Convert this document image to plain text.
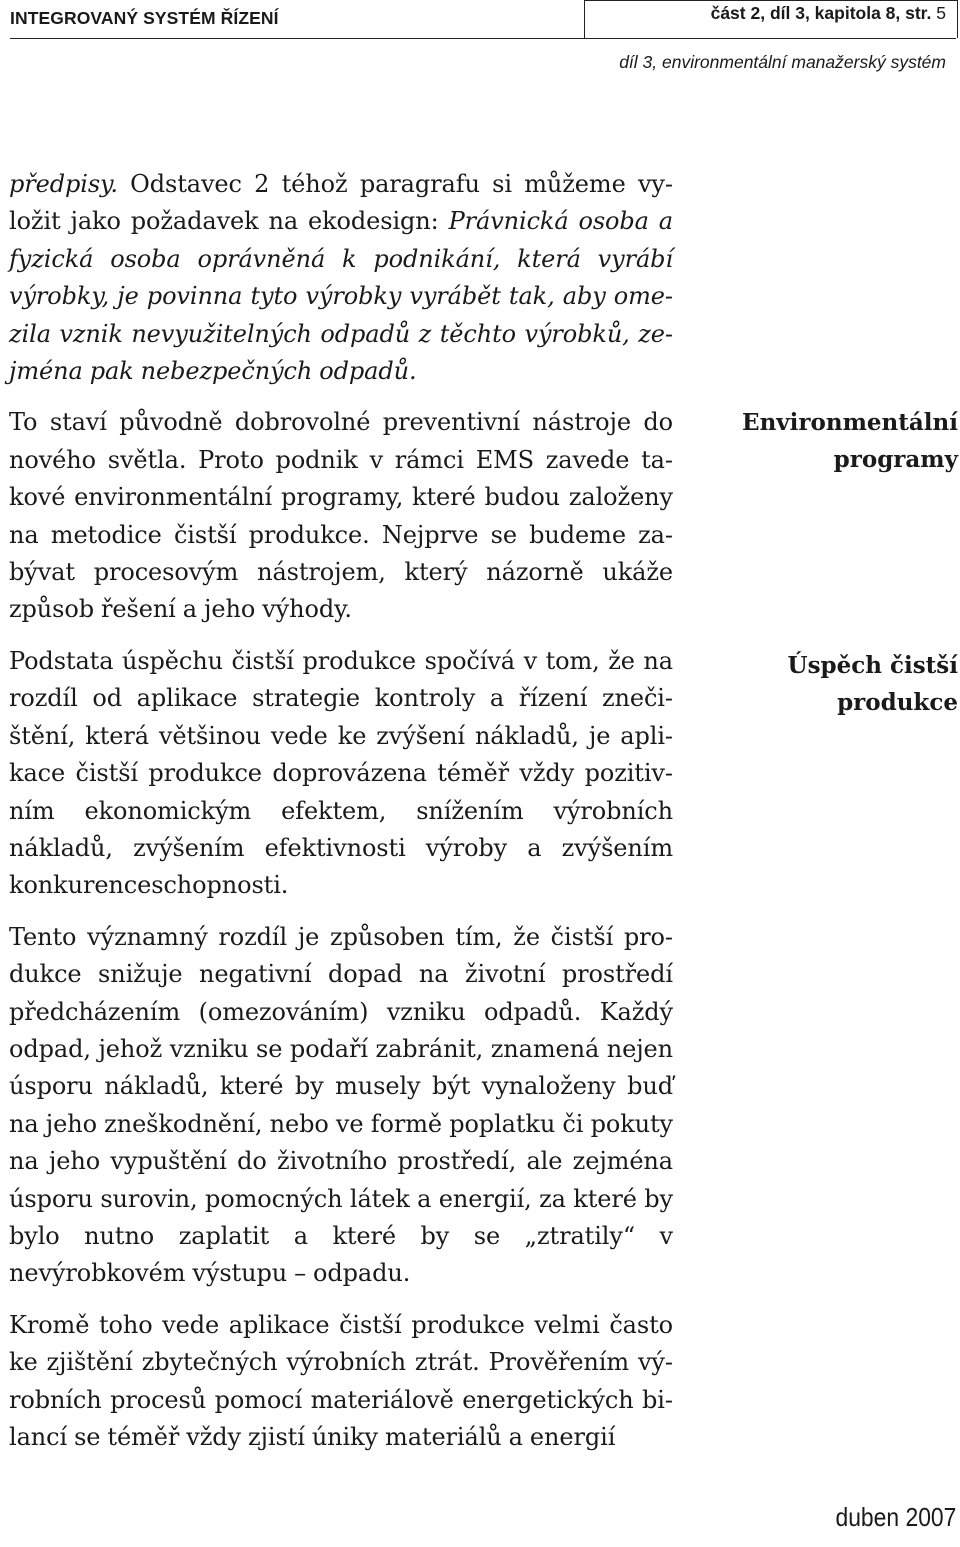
INTEGROVANÝ SYSTÉM ŘÍZENÍ	část 2, díl 3, kapitola 8, str. 5
díl 3, environmentální manažerský systém

předpisy. Odstavec 2 téhož paragrafu si můžeme vyložit jako požadavek na ekodesign: Právnická osoba a fyzická osoba oprávněná k podnikání, která vyrábí výrobky, je povinna tyto výrobky vyrábět tak, aby omezila vznik nevyužitelných odpadů z těchto výrobků, zejména pak nebezpečných odpadů.

To staví původně dobrovolné preventivní nástroje do nového světla. Proto podnik v rámci EMS zavede takové environmentální programy, které budou založeny na metodice čistší produkce. Nejprve se budeme zabývat procesovým nástrojem, který názorně ukáže způsob řešení a jeho výhody.

Podstata úspěchu čistší produkce spočívá v tom, že na rozdíl od aplikace strategie kontroly a řízení znečištění, která většinou vede ke zvýšení nákladů, je aplikace čistší produkce doprovázena téměř vždy pozitivním ekonomickým efektem, snížením výrobních nákladů, zvýšením efektivnosti výroby a zvýšením konkurenceschopnosti.

Tento významný rozdíl je způsoben tím, že čistší produkce snižuje negativní dopad na životní prostředí předcházením (omezováním) vzniku odpadů. Každý odpad, jehož vzniku se podaří zabránit, znamená nejen úsporu nákladů, které by musely být vynaloženy buď na jeho zneškodnění, nebo ve formě poplatku či pokuty na jeho vypuštění do životního prostředí, ale zejména úsporu surovin, pomocných látek a energií, za které by bylo nutno zaplatit a které by se „ztratily“ v nevýrobkovém výstupu – odpadu.

Kromě toho vede aplikace čistší produkce velmi často ke zjištění zbytečných výrobních ztrát. Prověřením výrobních procesů pomocí materiálově energetických bilancí se téměř vždy zjistí úniky materiálů a energií

Environmentální
programy
Úspěch čistší
produkce
duben 2007
